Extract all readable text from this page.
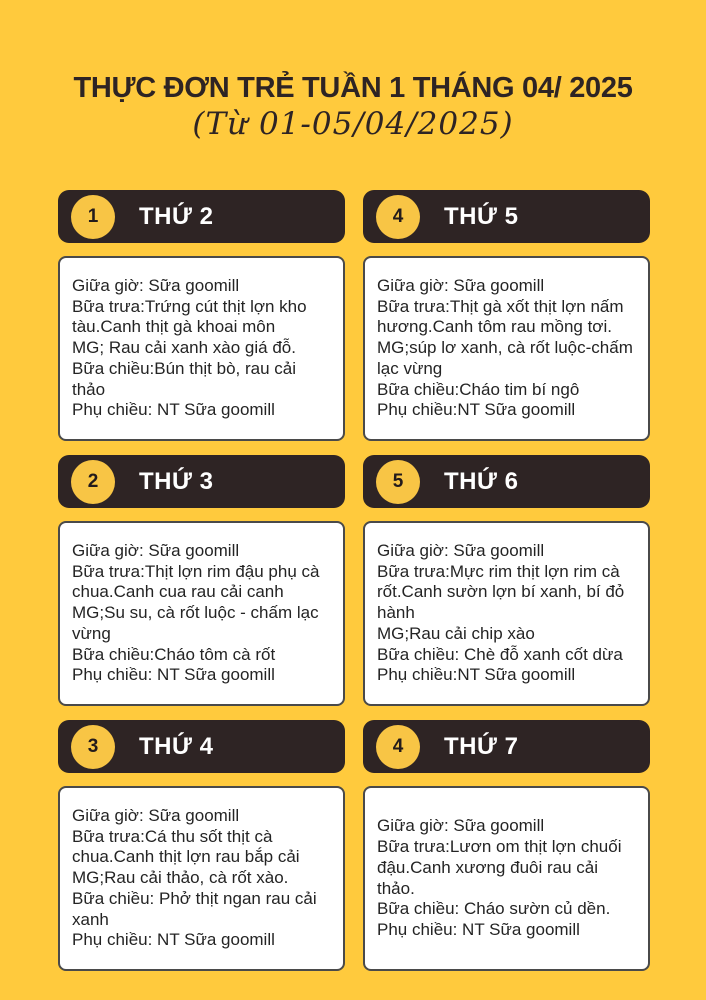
THỰC ĐƠN TRẺ TUẦN 1 THÁNG 04/ 2025
(Từ 01-05/04/2025)
1	THỨ 2
Giữa giờ: Sữa goomill
Bữa trưa:Trứng cút thịt lợn kho tàu.Canh thịt gà khoai môn
MG; Rau cải xanh xào giá đỗ.
Bữa chiều:Bún thịt bò, rau cải thảo
Phụ chiều: NT Sữa goomill
4	THỨ 5
Giữa giờ: Sữa goomill
Bữa trưa:Thịt gà xốt thịt lợn nấm hương.Canh tôm rau mồng tơi.
MG;súp lơ xanh, cà rốt luộc-chấm lạc vừng
Bữa chiều:Cháo tim bí ngô
Phụ chiều:NT Sữa goomill
2	THỨ 3
Giữa giờ: Sữa goomill
Bữa trưa:Thịt lợn rim đậu phụ cà chua.Canh cua rau cải canh
MG;Su su, cà rốt luộc - chấm lạc vừng
Bữa chiều:Cháo tôm cà rốt
Phụ chiều: NT Sữa goomill
5	THỨ 6
Giữa giờ: Sữa goomill
Bữa trưa:Mực rim thịt lợn rim cà rốt.Canh sườn lợn bí xanh, bí đỏ hành
MG;Rau cải chip xào
Bữa chiều: Chè đỗ xanh cốt dừa
Phụ chiều:NT Sữa goomill
3	THỨ 4
Giữa giờ: Sữa goomill
Bữa trưa:Cá thu sốt thịt cà chua.Canh thịt lợn rau bắp cải
MG;Rau cải thảo, cà rốt xào.
Bữa chiều: Phở thịt ngan rau cải xanh
Phụ chiều: NT Sữa goomill
4	THỨ 7
Giữa giờ: Sữa goomill
Bữa trưa:Lươn om thịt lợn chuối đậu.Canh xương đuôi rau cải thảo.
Bữa chiều: Cháo sườn củ dền.
Phụ chiều: NT Sữa goomill
